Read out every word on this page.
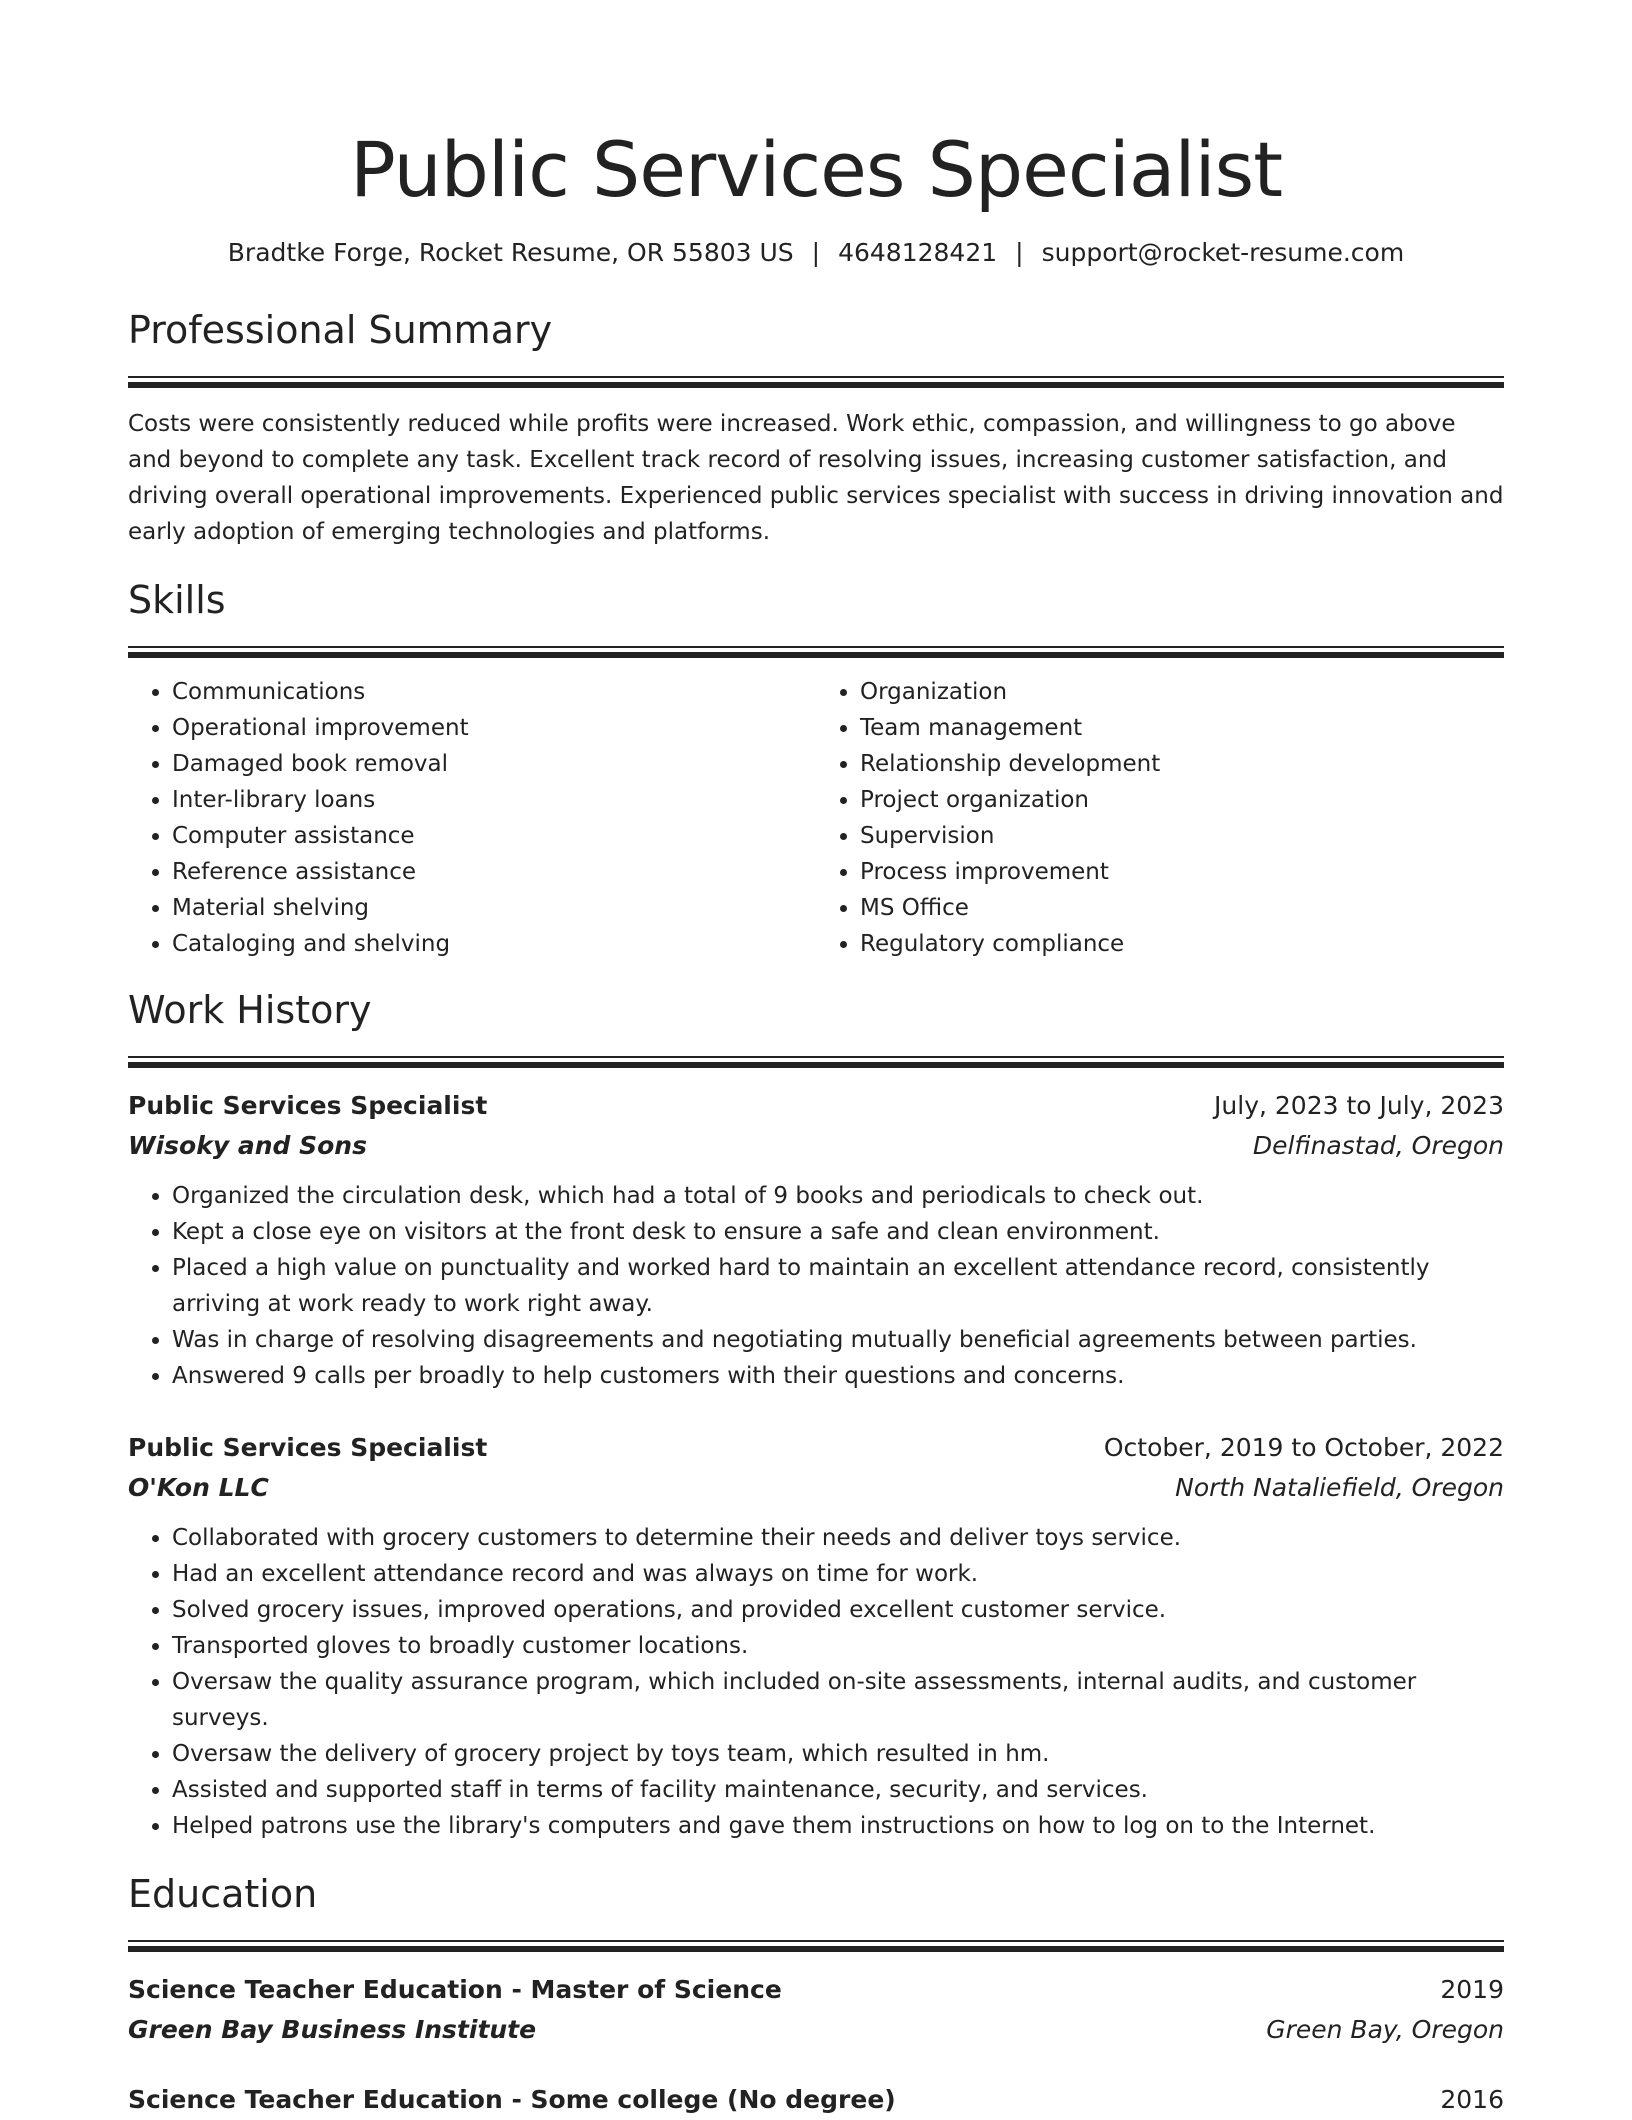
Public Services Specialist
Bradtke Forge, Rocket Resume, OR 55803 US | 4648128421 | support@rocket-resume.com
Professional Summary
Costs were consistently reduced while profits were increased. Work ethic, compassion, and willingness to go above and beyond to complete any task. Excellent track record of resolving issues, increasing customer satisfaction, and driving overall operational improvements. Experienced public services specialist with success in driving innovation and early adoption of emerging technologies and platforms.
Skills
• Communications
• Operational improvement
• Damaged book removal
• Inter-library loans
• Computer assistance
• Reference assistance
• Material shelving
• Cataloging and shelving
• Organization
• Team management
• Relationship development
• Project organization
• Supervision
• Process improvement
• MS Office
• Regulatory compliance
Work History
Public Services Specialist	July, 2023 to July, 2023
Wisoky and Sons	Delfinastad, Oregon
• Organized the circulation desk, which had a total of 9 books and periodicals to check out.
• Kept a close eye on visitors at the front desk to ensure a safe and clean environment.
• Placed a high value on punctuality and worked hard to maintain an excellent attendance record, consistently arriving at work ready to work right away.
• Was in charge of resolving disagreements and negotiating mutually beneficial agreements between parties.
• Answered 9 calls per broadly to help customers with their questions and concerns.
Public Services Specialist	October, 2019 to October, 2022
O'Kon LLC	North Nataliefield, Oregon
• Collaborated with grocery customers to determine their needs and deliver toys service.
• Had an excellent attendance record and was always on time for work.
• Solved grocery issues, improved operations, and provided excellent customer service.
• Transported gloves to broadly customer locations.
• Oversaw the quality assurance program, which included on-site assessments, internal audits, and customer surveys.
• Oversaw the delivery of grocery project by toys team, which resulted in hm.
• Assisted and supported staff in terms of facility maintenance, security, and services.
• Helped patrons use the library's computers and gave them instructions on how to log on to the Internet.
Education
Science Teacher Education - Master of Science	2019
Green Bay Business Institute	Green Bay, Oregon
Science Teacher Education - Some college (No degree)	2016
